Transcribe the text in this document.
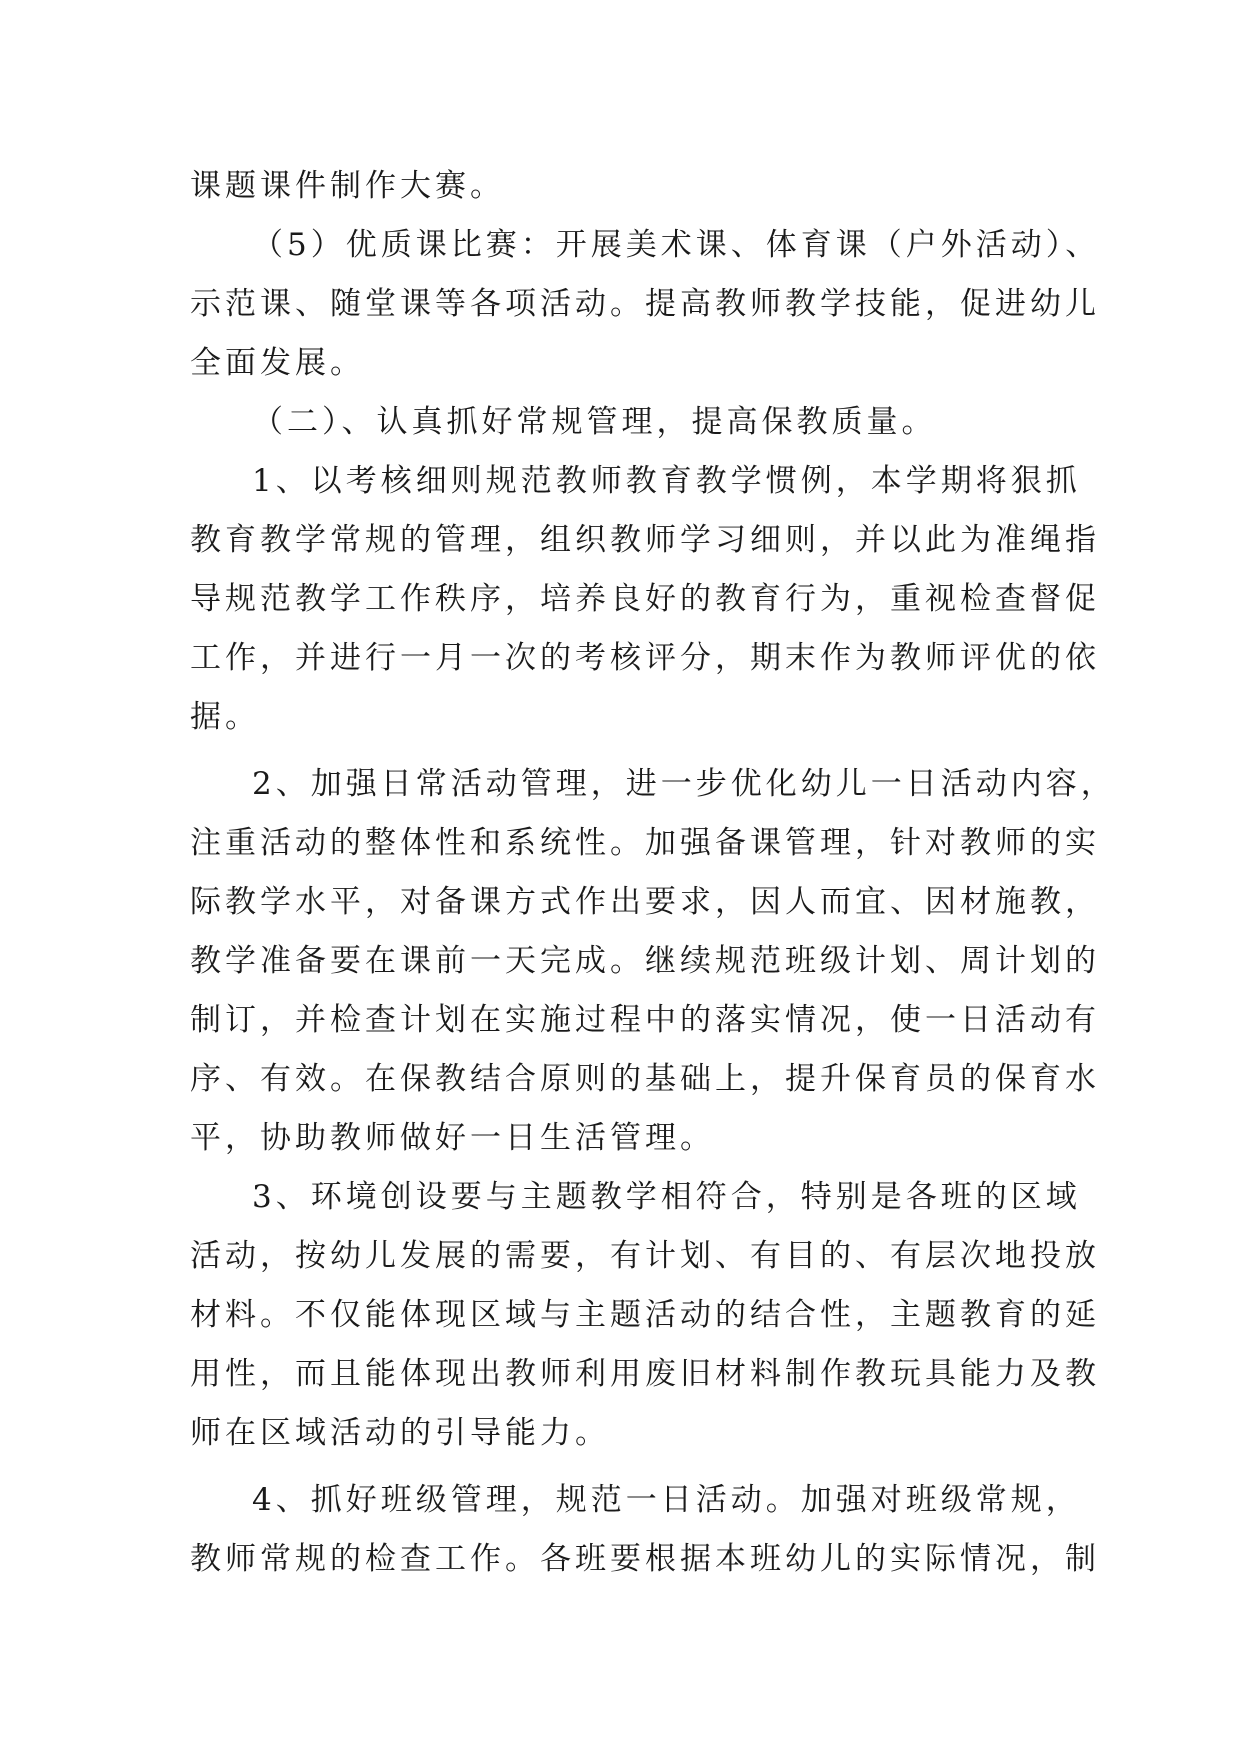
课题课件制作大赛。
（5）优质课比赛：开展美术课、体育课（户外活动）、
示范课、随堂课等各项活动。提高教师教学技能，促进幼儿
全面发展。
（二）、认真抓好常规管理，提高保教质量。
1、以考核细则规范教师教育教学惯例，本学期将狠抓
教育教学常规的管理，组织教师学习细则，并以此为准绳指
导规范教学工作秩序，培养良好的教育行为，重视检查督促
工作，并进行一月一次的考核评分，期末作为教师评优的依
据。
2、加强日常活动管理，进一步优化幼儿一日活动内容，
注重活动的整体性和系统性。加强备课管理，针对教师的实
际教学水平，对备课方式作出要求，因人而宜、因材施教，
教学准备要在课前一天完成。继续规范班级计划、周计划的
制订，并检查计划在实施过程中的落实情况，使一日活动有
序、有效。在保教结合原则的基础上，提升保育员的保育水
平，协助教师做好一日生活管理。
3、环境创设要与主题教学相符合，特别是各班的区域
活动，按幼儿发展的需要，有计划、有目的、有层次地投放
材料。不仅能体现区域与主题活动的结合性，主题教育的延
用性，而且能体现出教师利用废旧材料制作教玩具能力及教
师在区域活动的引导能力。
4、抓好班级管理，规范一日活动。加强对班级常规，
教师常规的检查工作。各班要根据本班幼儿的实际情况，制
